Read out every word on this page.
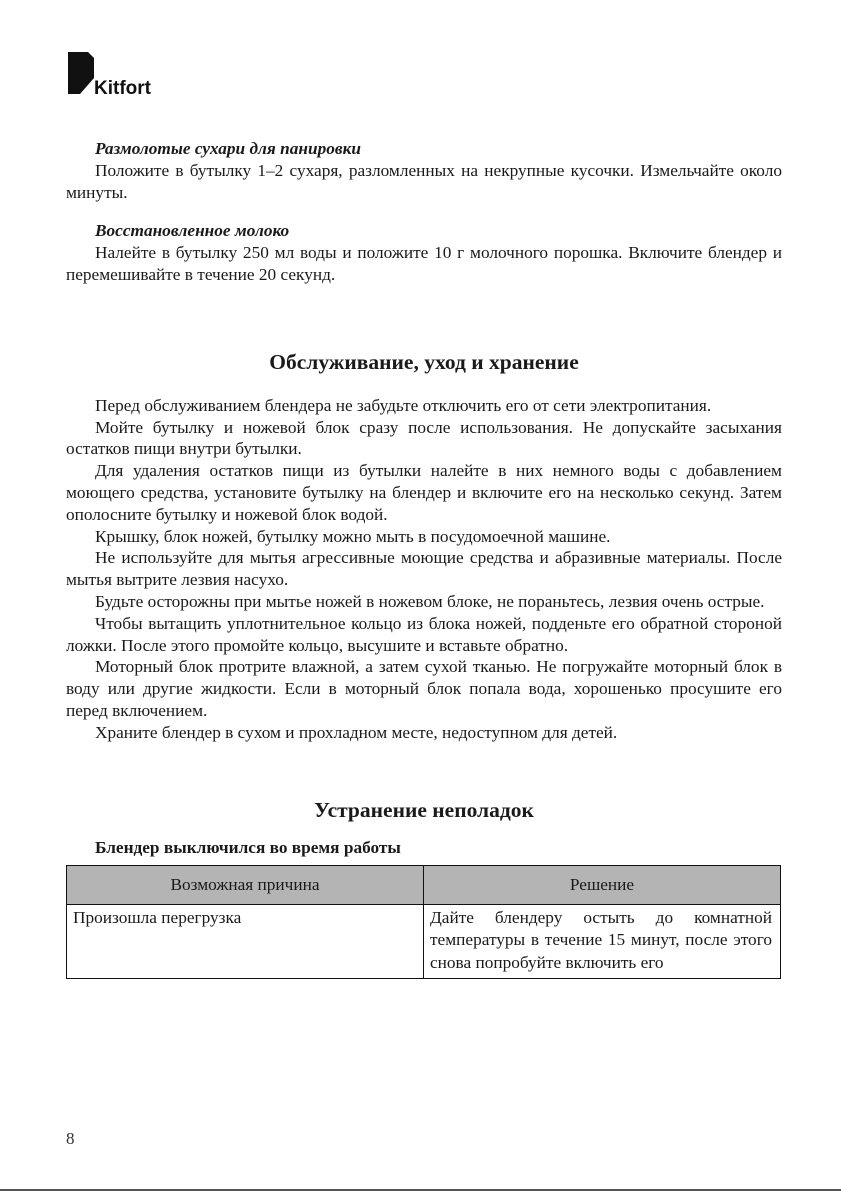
Kitfort
Размолотые сухари для панировки

Положите в бутылку 1–2 сухаря, разломленных на некрупные кусочки. Измельчайте около минуты.

Восстановленное молоко

Налейте в бутылку 250 мл воды и положите 10 г молочного порошка. Включите блендер и перемешивайте в течение 20 секунд.

Обслуживание, уход и хранение

Перед обслуживанием блендера не забудьте отключить его от сети электропитания.

Мойте бутылку и ножевой блок сразу после использования. Не допускайте засыхания остатков пищи внутри бутылки.

Для удаления остатков пищи из бутылки налейте в них немного воды с добавлением моющего средства, установите бутылку на блендер и включите его на несколько секунд. Затем ополосните бутылку и ножевой блок водой.

Крышку, блок ножей, бутылку можно мыть в посудомоечной машине.

Не используйте для мытья агрессивные моющие средства и абразивные материалы. После мытья вытрите лезвия насухо.

Будьте осторожны при мытье ножей в ножевом блоке, не пораньтесь, лезвия очень острые.

Чтобы вытащить уплотнительное кольцо из блока ножей, подденьте его обратной стороной ложки. После этого промойте кольцо, высушите и вставьте обратно.

Моторный блок протрите влажной, а затем сухой тканью. Не погружайте моторный блок в воду или другие жидкости. Если в моторный блок попала вода, хорошенько просушите его перед включением.

Храните блендер в сухом и прохладном месте, недоступном для детей.

Устранение неполадок
Блендер выключился во время работы
Возможная причина	Решение
Произошла перегрузка	Дайте блендеру остыть до комнатной температуры в течение 15 минут, после этого снова попробуйте включить его
8
